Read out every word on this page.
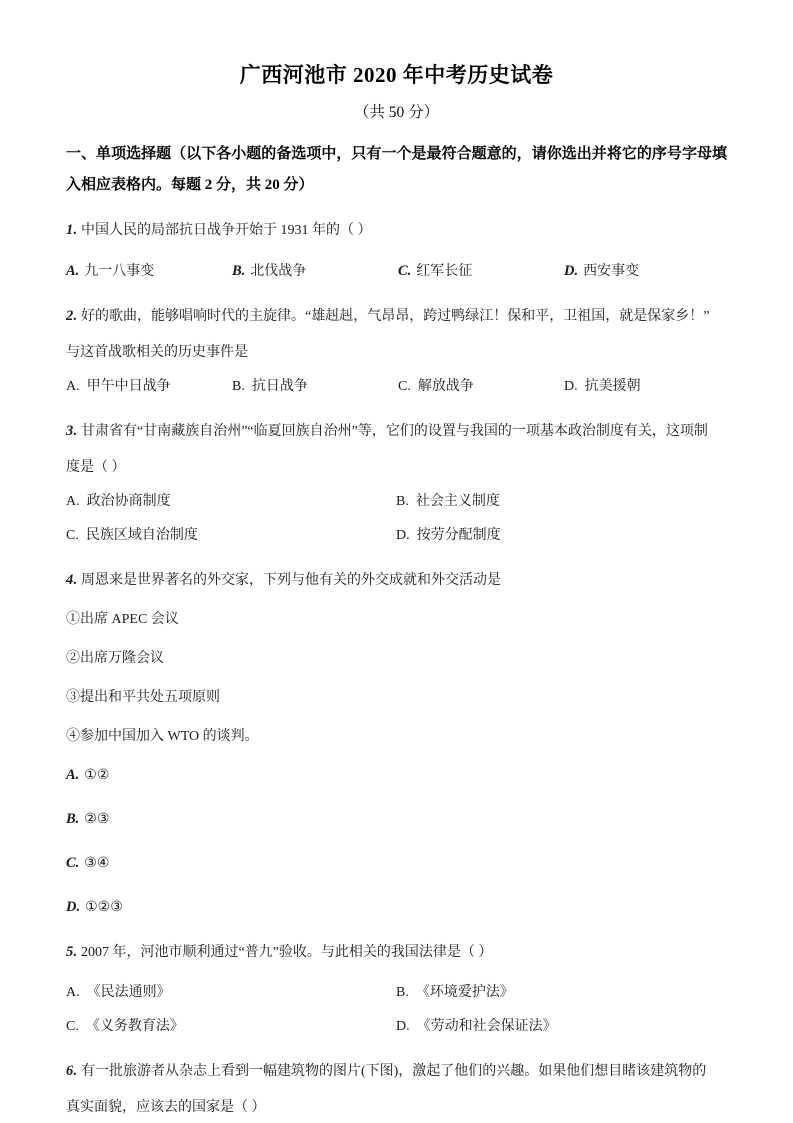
广西河池市 2020 年中考历史试卷
（共 50 分）
一、单项选择题（以下各小题的备选项中，只有一个是最符合题意的，请你选出并将它的序号字母填入相应表格内。每题 2 分，共 20 分）
1. 中国人民的局部抗日战争开始于 1931 年的（ ）
A. 九一八事变	B. 北伐战争	C. 红军长征	D. 西安事变
2. 好的歌曲，能够唱响时代的主旋律。“雄赳赳，气昂昂，跨过鸭绿江！保和平，卫祖国，就是保家乡！”
与这首战歌相关的历史事件是
A. 甲午中日战争	B. 抗日战争	C. 解放战争	D. 抗美援朝
3. 甘肃省有“甘南藏族自治州”“临夏回族自治州”等，它们的设置与我国的一项基本政治制度有关，这项制
度是（ ）
A. 政治协商制度	B. 社会主义制度
C. 民族区域自治制度	D. 按劳分配制度
4. 周恩来是世界著名的外交家，下列与他有关的外交成就和外交活动是
①出席 APEC 会议
②出席万隆会议
③提出和平共处五项原则
④参加中国加入 WTO 的谈判。
A. ①②
B. ②③
C. ③④
D. ①②③
5. 2007 年，河池市顺利通过“普九”验收。与此相关的我国法律是（ ）
A. 《民法通则》	B. 《环境爱护法》
C. 《义务教育法》	D. 《劳动和社会保证法》
6. 有一批旅游者从杂志上看到一幅建筑物的图片(下图)，激起了他们的兴趣。如果他们想目睹该建筑物的
真实面貌，应该去的国家是（ ）
